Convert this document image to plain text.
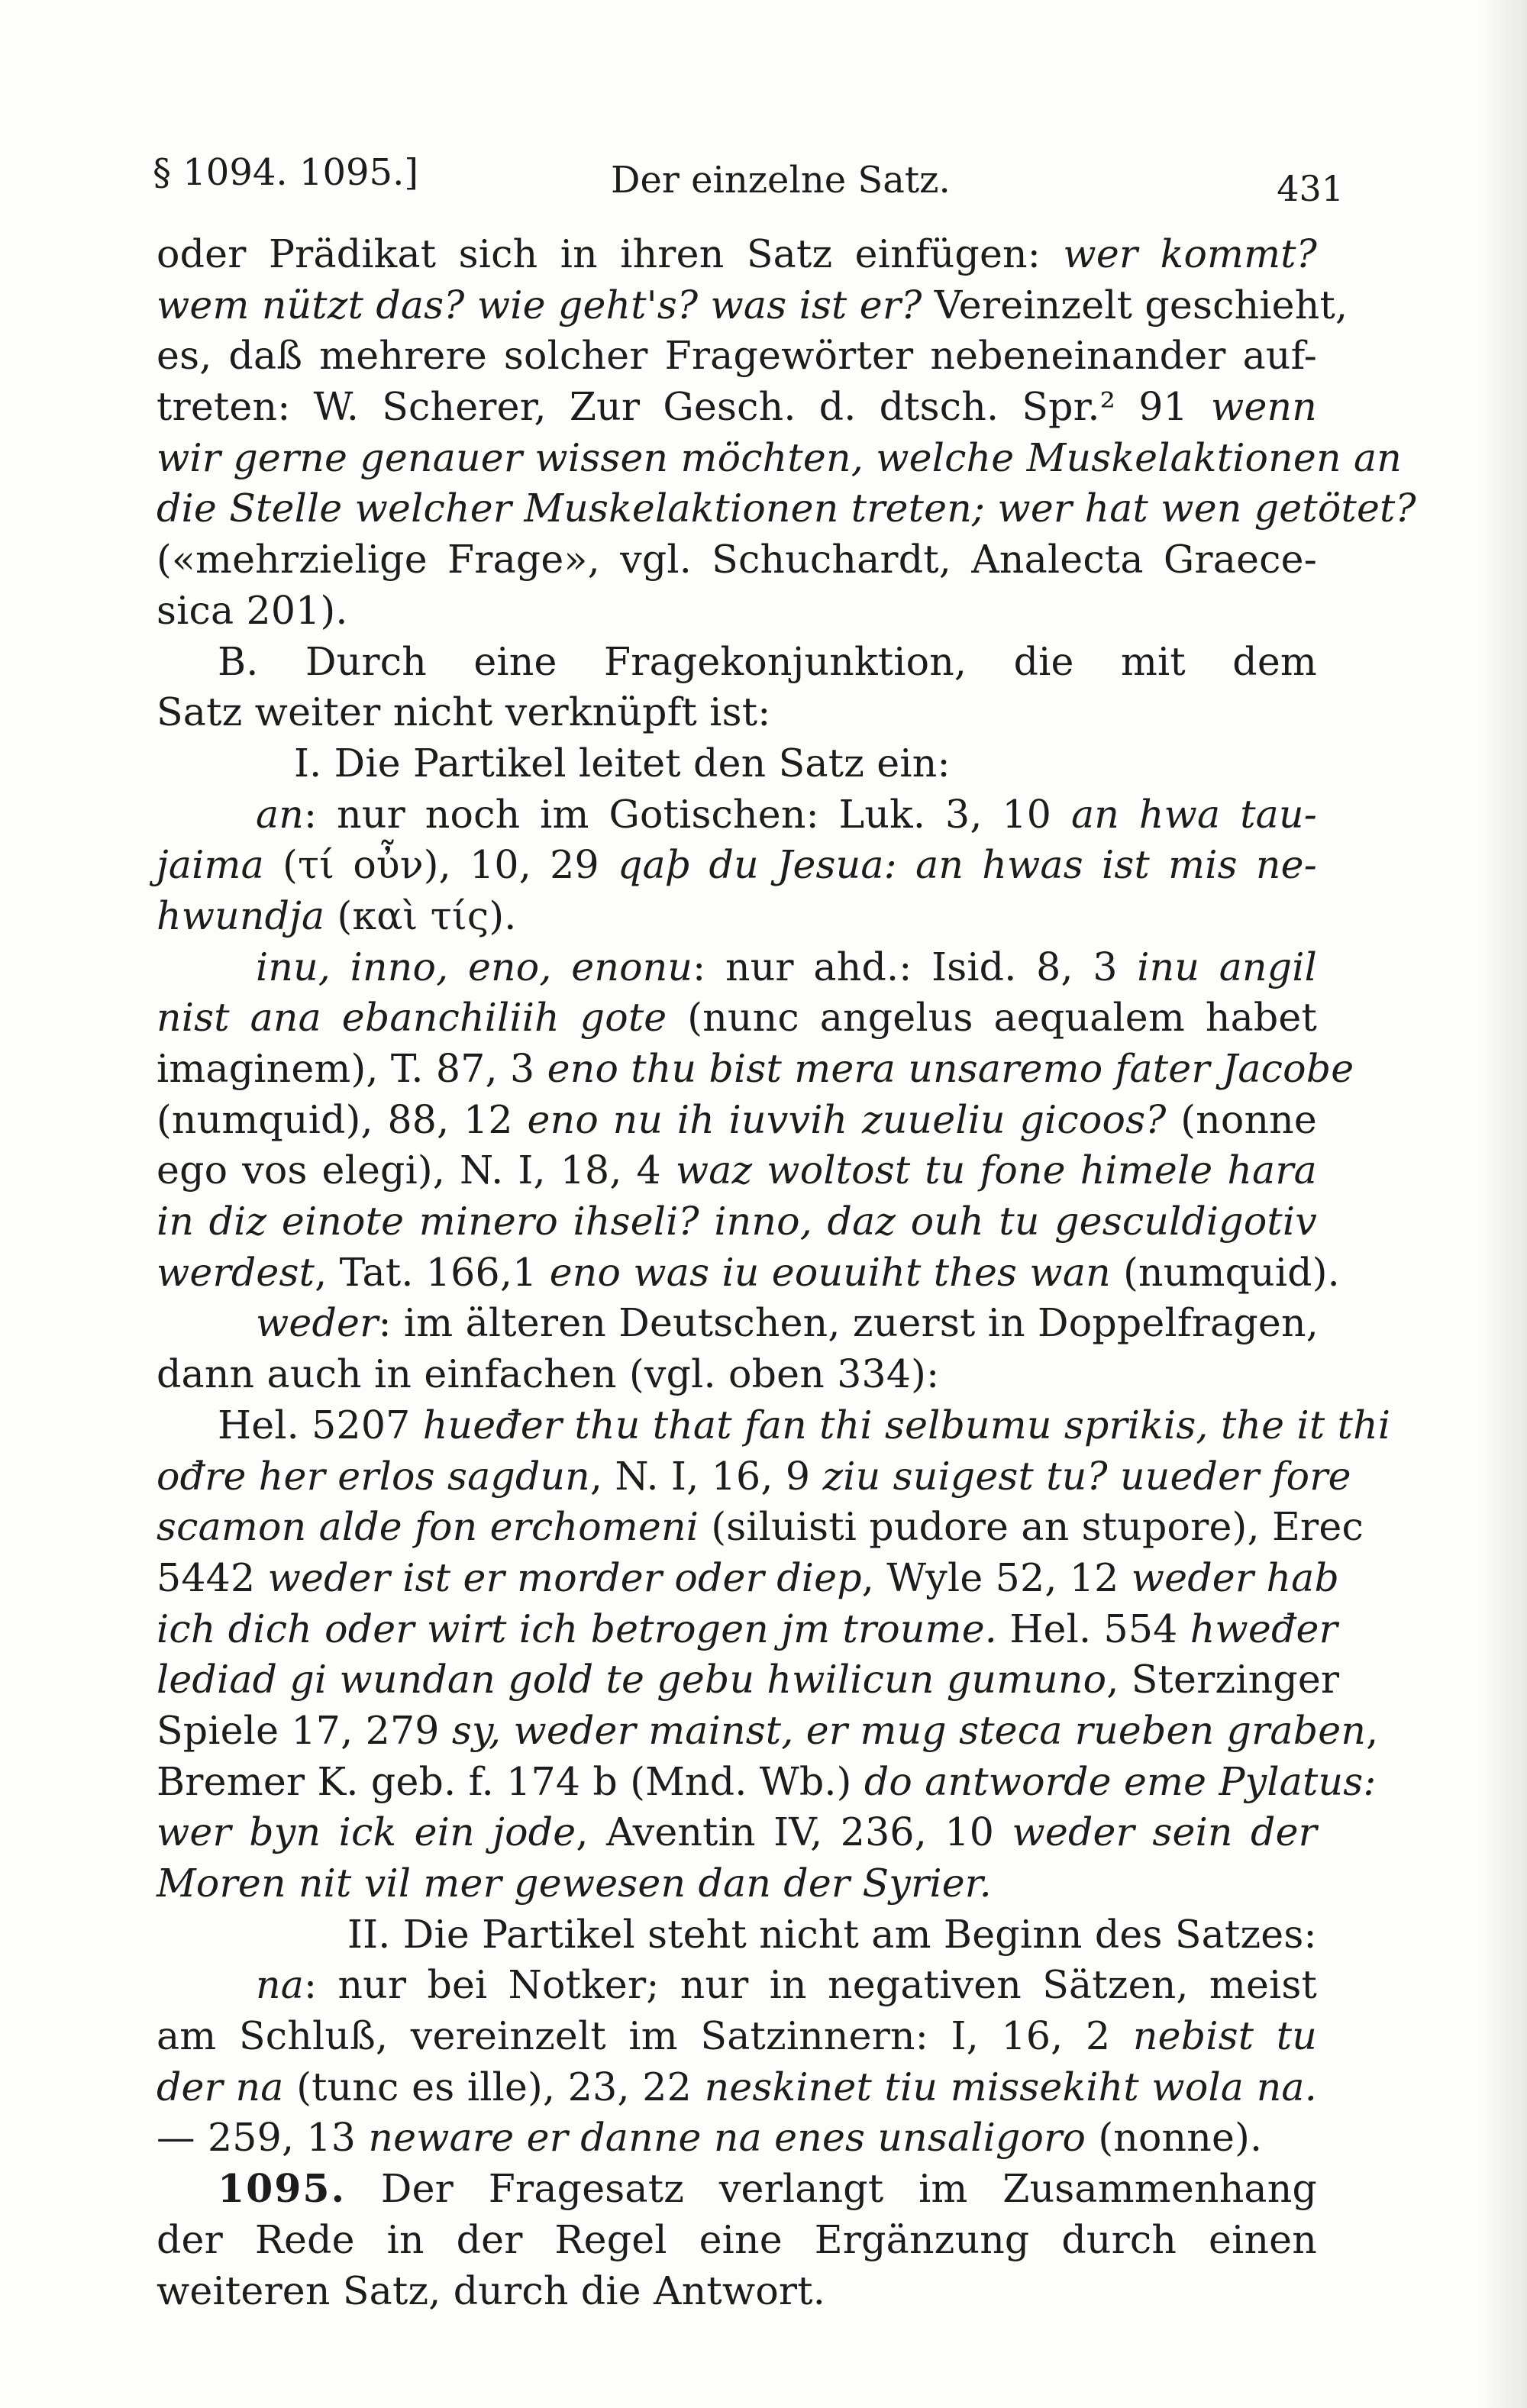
§ 1094. 1095.]	Der einzelne Satz.	431
oder Prädikat sich in ihren Satz einfügen: wer kommt?
wem nützt das? wie geht's? was ist er? Vereinzelt geschieht,
es, daß mehrere solcher Fragewörter nebeneinander auf-
treten: W. Scherer, Zur Gesch. d. dtsch. Spr.² 91 wenn
wir gerne genauer wissen möchten, welche Muskelaktionen an
die Stelle welcher Muskelaktionen treten; wer hat wen getötet?
(«mehrzielige Frage», vgl. Schuchardt, Analecta Graece-
sica 201).
B. Durch eine Fragekonjunktion, die mit dem
Satz weiter nicht verknüpft ist:
I. Die Partikel leitet den Satz ein:
an: nur noch im Gotischen: Luk. 3, 10 an hwa tau-
jaima (τί οὖν), 10, 29 qaþ du Jesua: an hwas ist mis ne-
hwundja (καὶ τίς).
inu, inno, eno, enonu: nur ahd.: Isid. 8, 3 inu angil
nist ana ebanchiliih gote (nunc angelus aequalem habet
imaginem), T. 87, 3 eno thu bist mera unsaremo fater Jacobe
(numquid), 88, 12 eno nu ih iuvvih zuueliu gicoos? (nonne
ego vos elegi), N. I, 18, 4 waz woltost tu fone himele hara
in diz einote minero ihseli? inno, daz ouh tu gesculdigotiv
werdest, Tat. 166,1 eno was iu eouuiht thes wan (numquid).
weder: im älteren Deutschen, zuerst in Doppelfragen,
dann auch in einfachen (vgl. oben 334):
Hel. 5207 hueđer thu that fan thi selbumu sprikis, the it thi
ođre her erlos sagdun, N. I, 16, 9 ziu suigest tu? uueder fore
scamon alde fon erchomeni (siluisti pudore an stupore), Erec
5442 weder ist er morder oder diep, Wyle 52, 12 weder hab
ich dich oder wirt ich betrogen jm troume. Hel. 554 hweđer
lediad gi wundan gold te gebu hwilicun gumuno, Sterzinger
Spiele 17, 279 sy, weder mainst, er mug steca rueben graben,
Bremer K. geb. f. 174 b (Mnd. Wb.) do antworde eme Pylatus:
wer byn ick ein jode, Aventin IV, 236, 10 weder sein der
Moren nit vil mer gewesen dan der Syrier.
II. Die Partikel steht nicht am Beginn des Satzes:
na: nur bei Notker; nur in negativen Sätzen, meist
am Schluß, vereinzelt im Satzinnern: I, 16, 2 nebist tu
der na (tunc es ille), 23, 22 neskinet tiu missekiht wola na.
— 259, 13 neware er danne na enes unsaligoro (nonne).
1095. Der Fragesatz verlangt im Zusammenhang
der Rede in der Regel eine Ergänzung durch einen
weiteren Satz, durch die Antwort.
